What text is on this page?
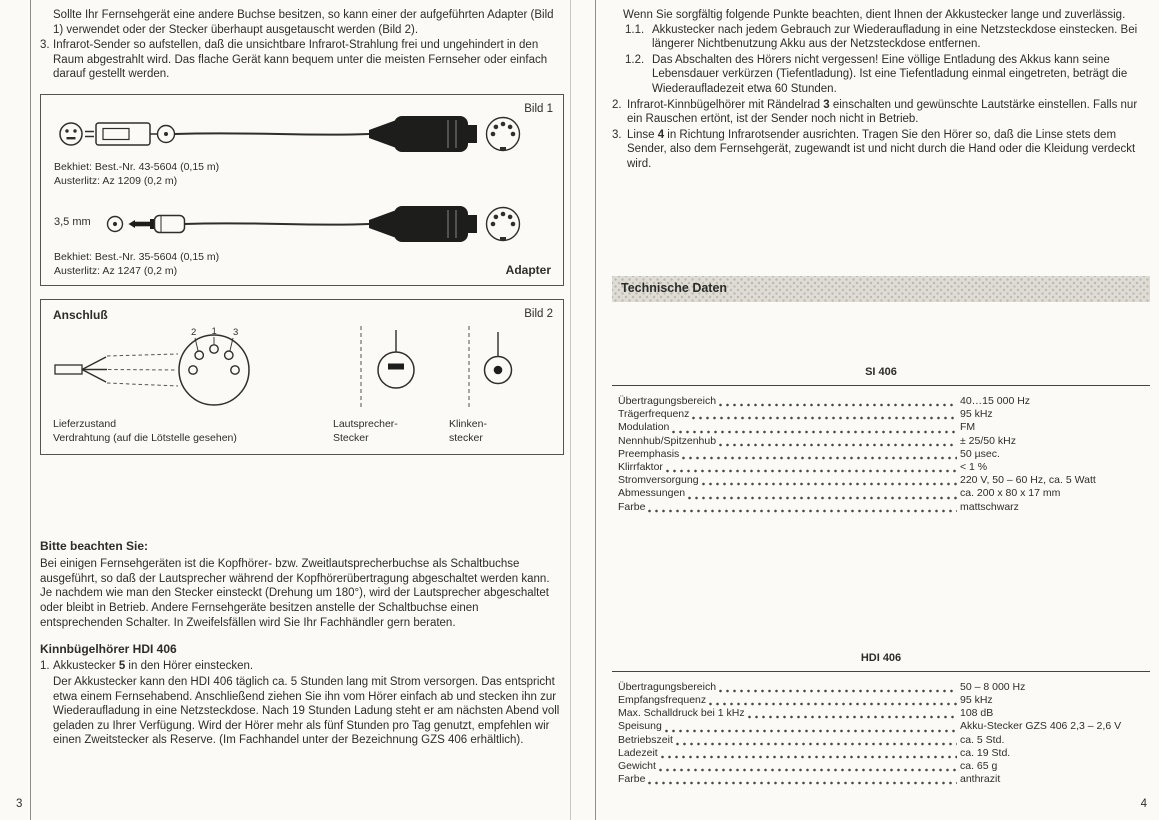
Sollte Ihr Fernsehgerät eine andere Buchse besitzen, so kann einer der aufgeführten Adapter (Bild 1) verwendet oder der Stecker überhaupt ausgetauscht werden (Bild 2).
3. Infrarot-Sender so aufstellen, daß die unsichtbare Infrarot-Strahlung frei und ungehindert in den Raum abgestrahlt wird. Das flache Gerät kann bequem unter die meisten Fernseher oder einfach darauf gestellt werden.
Bild 1
Bekhiet: Best.-Nr. 43-5604 (0,15 m)
Austerlitz: Az 1209 (0,2 m)
3,5 mm
Bekhiet: Best.-Nr. 35-5604 (0,15 m)
Austerlitz: Az 1247 (0,2 m)	Adapter
Anschluß	Bild 2
2 1 3
Lieferzustand
Verdrahtung (auf die Lötstelle gesehen)
Lautsprecher-
Stecker
Klinken-
stecker
Bitte beachten Sie:
Bei einigen Fernsehgeräten ist die Kopfhörer- bzw. Zweitlautsprecherbuchse als Schaltbuchse ausgeführt, so daß der Lautsprecher während der Kopfhörerübertragung abgeschaltet werden kann. Je nachdem wie man den Stecker einsteckt (Drehung um 180°), wird der Lautsprecher abgeschaltet oder bleibt in Betrieb. Andere Fernsehgeräte besitzen anstelle der Schaltbuchse einen entsprechenden Schalter. In Zweifelsfällen wird Sie Ihr Fachhändler gern beraten.
Kinnbügelhörer HDI 406
1. Akkustecker 5 in den Hörer einstecken.
Der Akkustecker kann den HDI 406 täglich ca. 5 Stunden lang mit Strom versorgen. Das entspricht etwa einem Fernsehabend. Anschließend ziehen Sie ihn vom Hörer einfach ab und stecken ihn zur Wiederaufladung in eine Netzsteckdose. Nach 19 Stunden Ladung steht er am nächsten Abend voll geladen zu Ihrer Verfügung. Wird der Hörer mehr als fünf Stunden pro Tag genutzt, empfehlen wir einen Zweitstecker als Reserve. (Im Fachhandel unter der Bezeichnung GZS 406 erhältlich).
Wenn Sie sorgfältig folgende Punkte beachten, dient Ihnen der Akkustecker lange und zuverlässig.
1.1. Akkustecker nach jedem Gebrauch zur Wiederaufladung in eine Netzsteckdose einstecken. Bei längerer Nichtbenutzung Akku aus der Netzsteckdose entfernen.
1.2. Das Abschalten des Hörers nicht vergessen! Eine völlige Entladung des Akkus kann seine Lebensdauer verkürzen (Tiefentladung). Ist eine Tiefentladung einmal eingetreten, beträgt die Wiederaufladezeit etwa 60 Stunden.
2. Infrarot-Kinnbügelhörer mit Rändelrad 3 einschalten und gewünschte Lautstärke einstellen. Falls nur ein Rauschen ertönt, ist der Sender noch nicht in Betrieb.
3. Linse 4 in Richtung Infrarotsender ausrichten. Tragen Sie den Hörer so, daß die Linse stets dem Sender, also dem Fernsehgerät, zugewandt ist und nicht durch die Hand oder die Kleidung verdeckt wird.
Technische Daten
SI 406
Übertragungsbereich	40…15 000 Hz
Trägerfrequenz	95 kHz
Modulation	FM
Nennhub/Spitzenhub	± 25/50 kHz
Preemphasis	50 µsec.
Klirrfaktor	< 1 %
Stromversorgung	220 V, 50 – 60 Hz, ca. 5 Watt
Abmessungen	ca. 200 x 80 x 17 mm
Farbe	mattschwarz
HDI 406
Übertragungsbereich	50 – 8 000 Hz
Empfangsfrequenz	95 kHz
Max. Schalldruck bei 1 kHz	108 dB
Speisung	Akku-Stecker GZS 406 2,3 – 2,6 V
Betriebszeit	ca. 5 Std.
Ladezeit	ca. 19 Std.
Gewicht	ca. 65 g
Farbe	anthrazit
3	4
